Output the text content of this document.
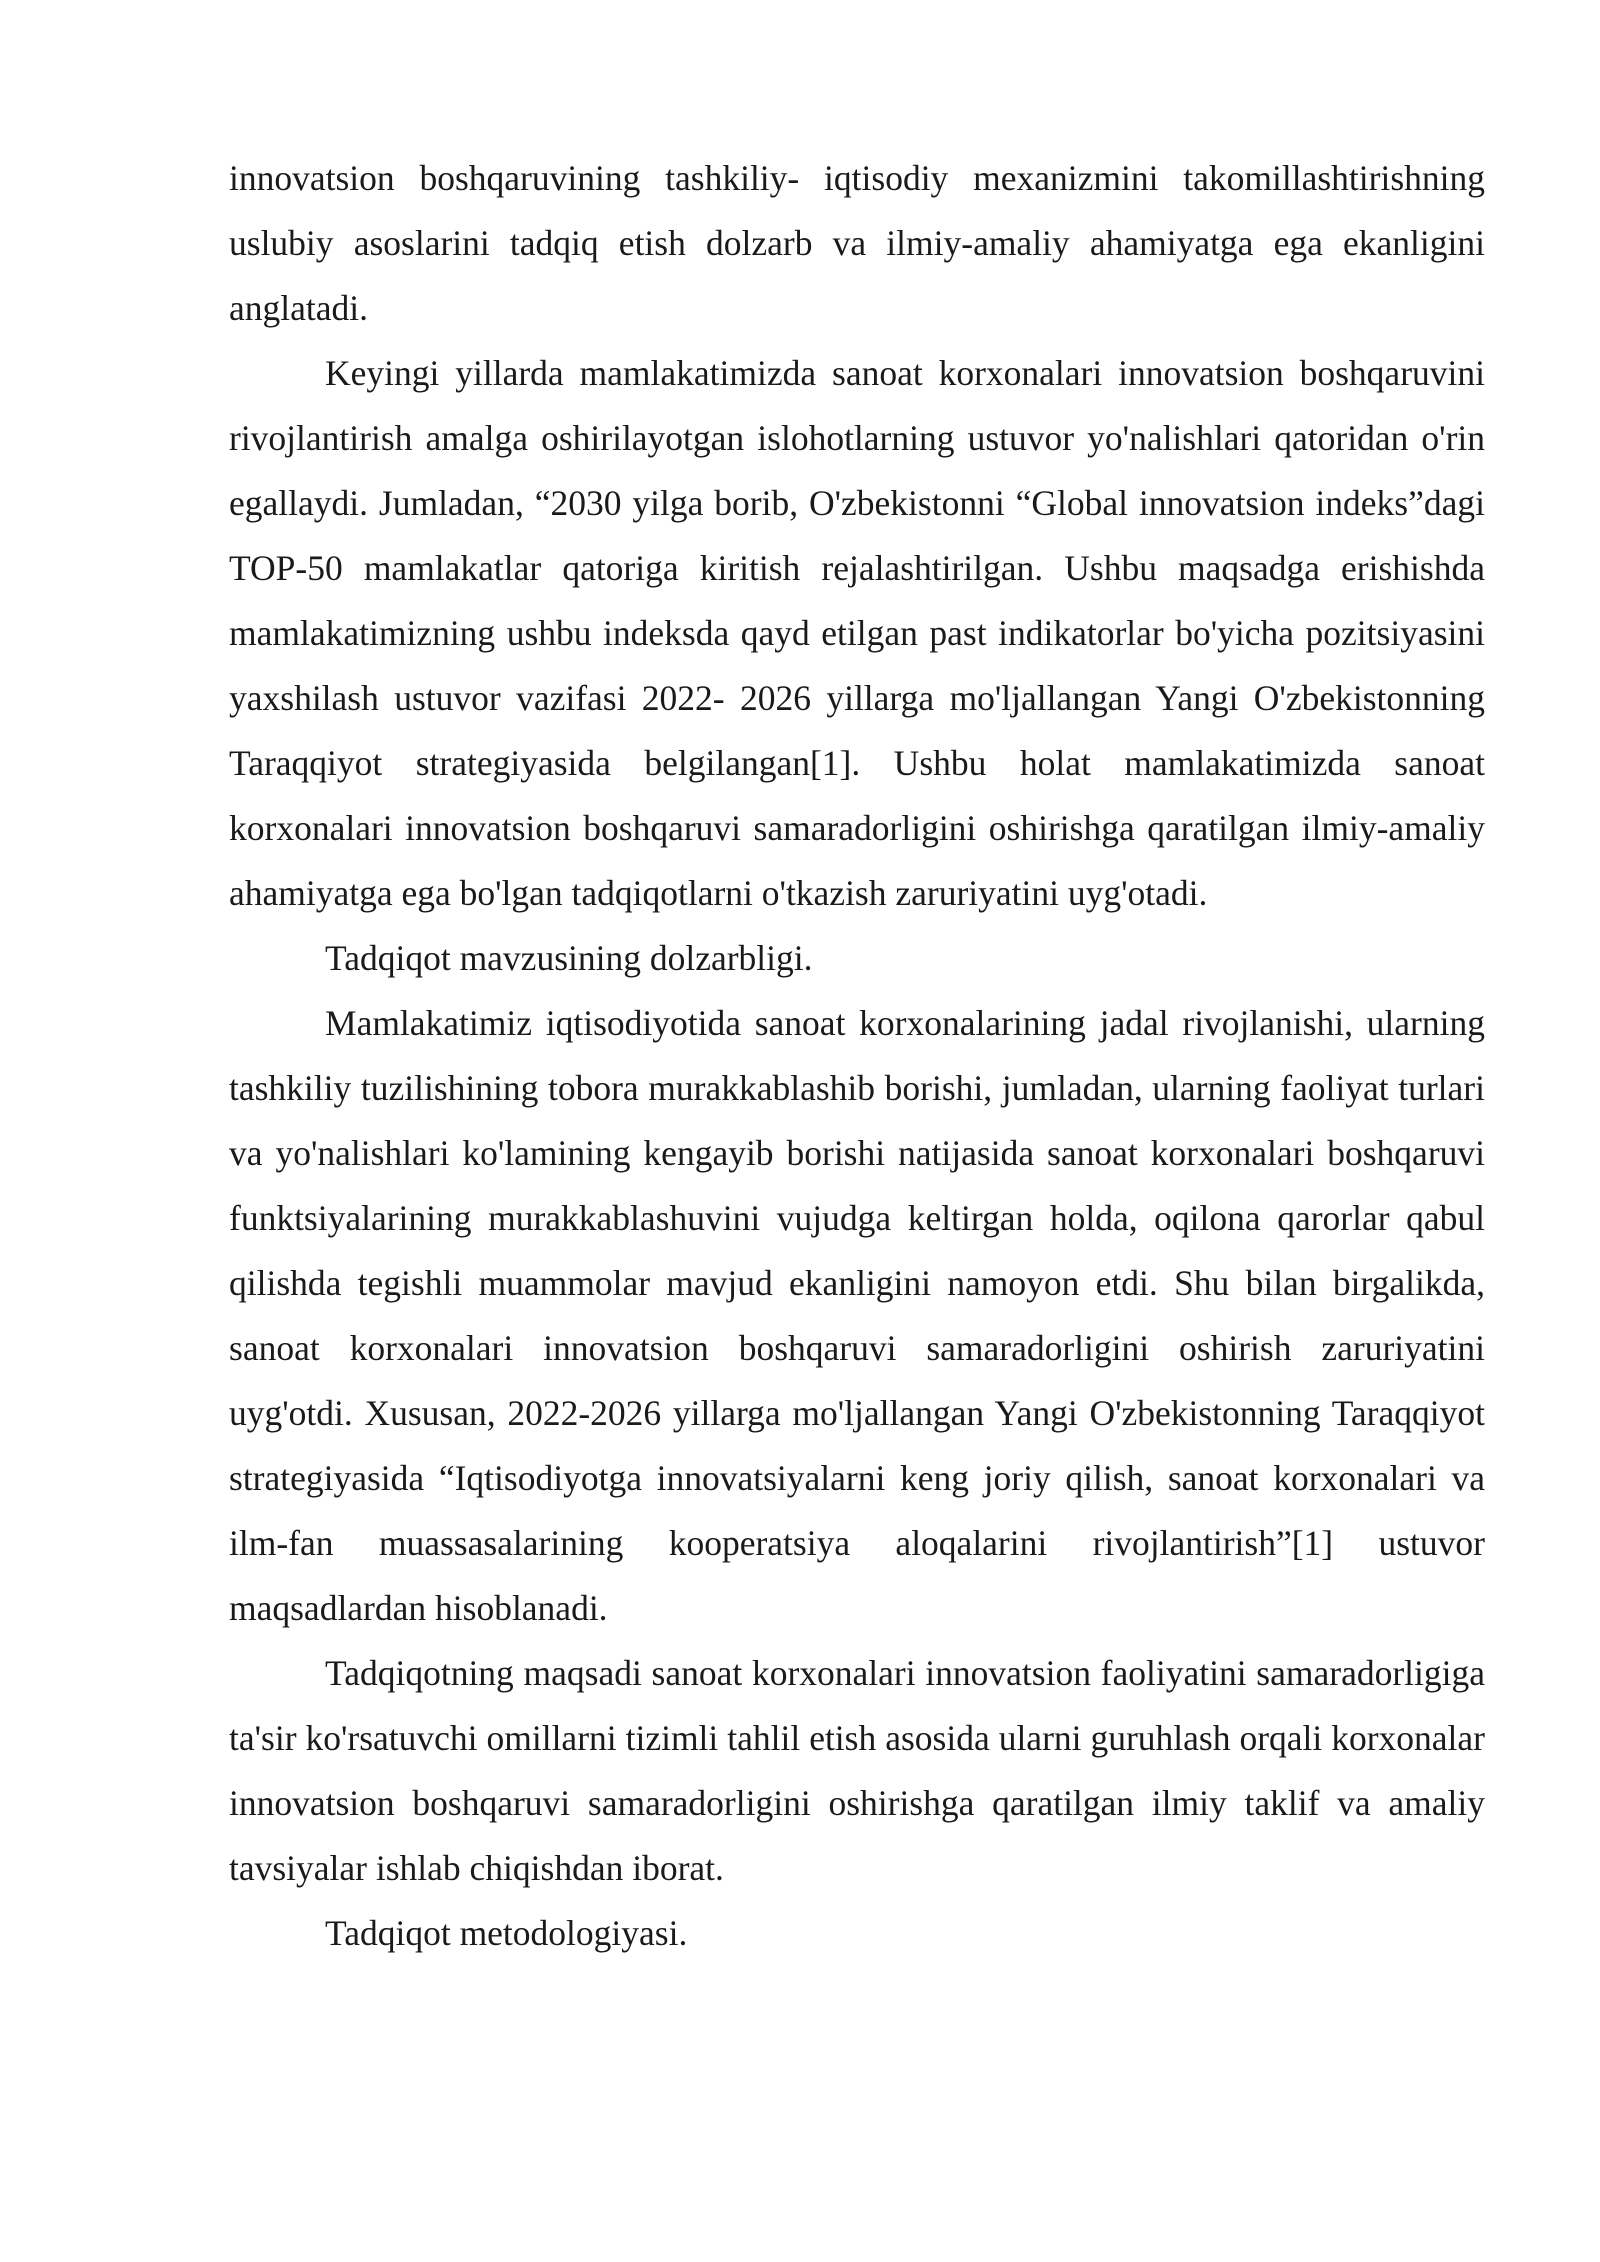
innovatsion boshqaruvining tashkiliy- iqtisodiy mexanizmini takomillashtirishning uslubiy asoslarini tadqiq etish dolzarb va ilmiy-amaliy ahamiyatga ega ekanligini anglatadi.

Keyingi yillarda mamlakatimizda sanoat korxonalari innovatsion boshqaruvini rivojlantirish amalga oshirilayotgan islohotlarning ustuvor yo'nalishlari qatoridan o'rin egallaydi. Jumladan, “2030 yilga borib, O'zbekistonni “Global innovatsion indeks”dagi TOP-50 mamlakatlar qatoriga kiritish rejalashtirilgan. Ushbu maqsadga erishishda mamlakatimizning ushbu indeksda qayd etilgan past indikatorlar bo'yicha pozitsiyasini yaxshilash ustuvor vazifasi 2022- 2026 yillarga mo'ljallangan Yangi O'zbekistonning Taraqqiyot strategiyasida belgilangan[1]. Ushbu holat mamlakatimizda sanoat korxonalari innovatsion boshqaruvi samaradorligini oshirishga qaratilgan ilmiy-amaliy ahamiyatga ega bo'lgan tadqiqotlarni o'tkazish zaruriyatini uyg'otadi.

Tadqiqot mavzusining dolzarbligi.

Mamlakatimiz iqtisodiyotida sanoat korxonalarining jadal rivojlanishi, ularning tashkiliy tuzilishining tobora murakkablashib borishi, jumladan, ularning faoliyat turlari va yo'nalishlari ko'lamining kengayib borishi natijasida sanoat korxonalari boshqaruvi funktsiyalarining murakkablashuvini vujudga keltirgan holda, oqilona qarorlar qabul qilishda tegishli muammolar mavjud ekanligini namoyon etdi. Shu bilan birgalikda, sanoat korxonalari innovatsion boshqaruvi samaradorligini oshirish zaruriyatini uyg'otdi. Xususan, 2022-2026 yillarga mo'ljallangan Yangi O'zbekistonning Taraqqiyot strategiyasida “Iqtisodiyotga innovatsiyalarni keng joriy qilish, sanoat korxonalari va ilm-fan muassasalarining kooperatsiya aloqalarini rivojlantirish”[1] ustuvor maqsadlardan hisoblanadi.

Tadqiqotning maqsadi sanoat korxonalari innovatsion faoliyatini samaradorligiga ta'sir ko'rsatuvchi omillarni tizimli tahlil etish asosida ularni guruhlash orqali korxonalar innovatsion boshqaruvi samaradorligini oshirishga qaratilgan ilmiy taklif va amaliy tavsiyalar ishlab chiqishdan iborat.

Tadqiqot metodologiyasi.
